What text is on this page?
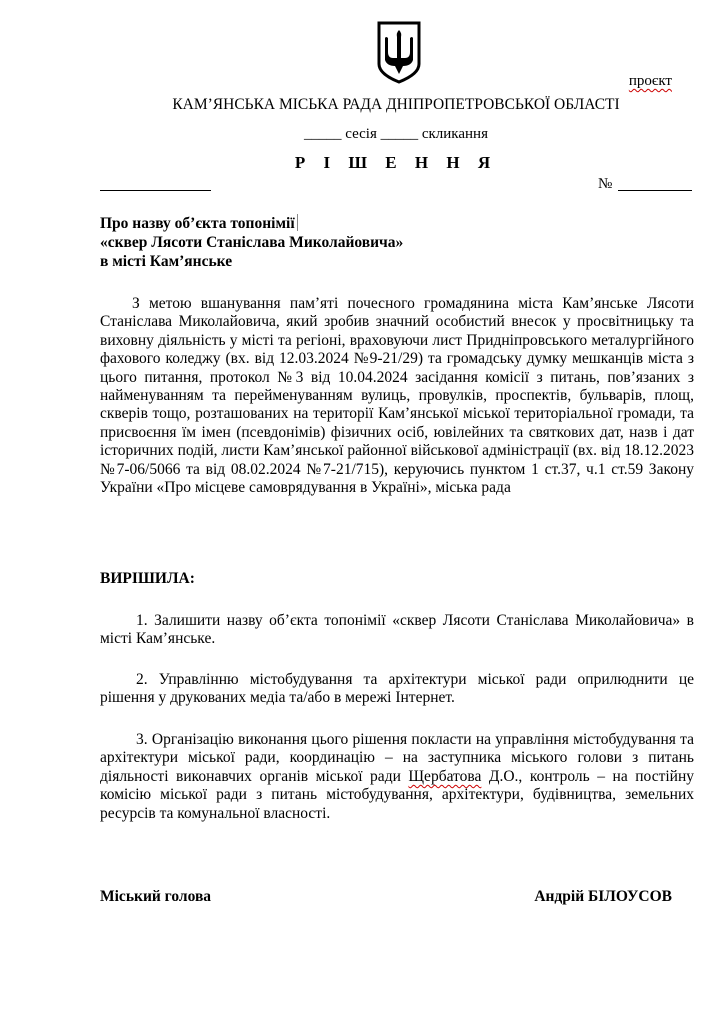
проєкт
КАМ’ЯНСЬКА МІСЬКА РАДА ДНІПРОПЕТРОВСЬКОЇ ОБЛАСТІ
_____ сесія _____ скликання
Р І Ш Е Н Н Я
№
Про назву об’єкта топонімії
«сквер Лясоти Станіслава Миколайовича»
в місті Кам’янське

З метою вшанування пам’яті почесного громадянина міста Кам’янське Лясоти Станіслава Миколайовича, який зробив значний особистий внесок у просвітницьку та виховну діяльність у місті та регіоні, враховуючи лист Придніпровського металургійного фахового коледжу (вх. від 12.03.2024 №9-21/29) та громадську думку мешканців міста з цього питання, протокол №3 від 10.04.2024 засідання комісії з питань, пов’язаних з найменуванням та перейменуванням вулиць, провулків, проспектів, бульварів, площ, скверів тощо, розташованих на території Кам’янської міської територіальної громади, та присвоєння їм імен (псевдонімів) фізичних осіб, ювілейних та святкових дат, назв і дат історичних подій, листи Кам’янської районної військової адміністрації (вх. від 18.12.2023 №7-06/5066 та від 08.02.2024 №7-21/715), керуючись пунктом 1 ст.37, ч.1 ст.59 Закону України «Про місцеве самоврядування в Україні», міська рада

ВИРІШИЛА:

1. Залишити назву об’єкта топонімії «сквер Лясоти Станіслава Миколайовича» в місті Кам’янське.

2. Управлінню містобудування та архітектури міської ради оприлюднити це рішення у друкованих медіа та/або в мережі Інтернет.

3. Організацію виконання цього рішення покласти на управління містобудування та архітектури міської ради, координацію – на заступника міського голови з питань діяльності виконавчих органів міської ради Щербатова Д.О., контроль – на постійну комісію міської ради з питань містобудування, архітектури, будівництва, земельних ресурсів та комунальної власності.

Міський голова	Андрій БІЛОУСОВ
